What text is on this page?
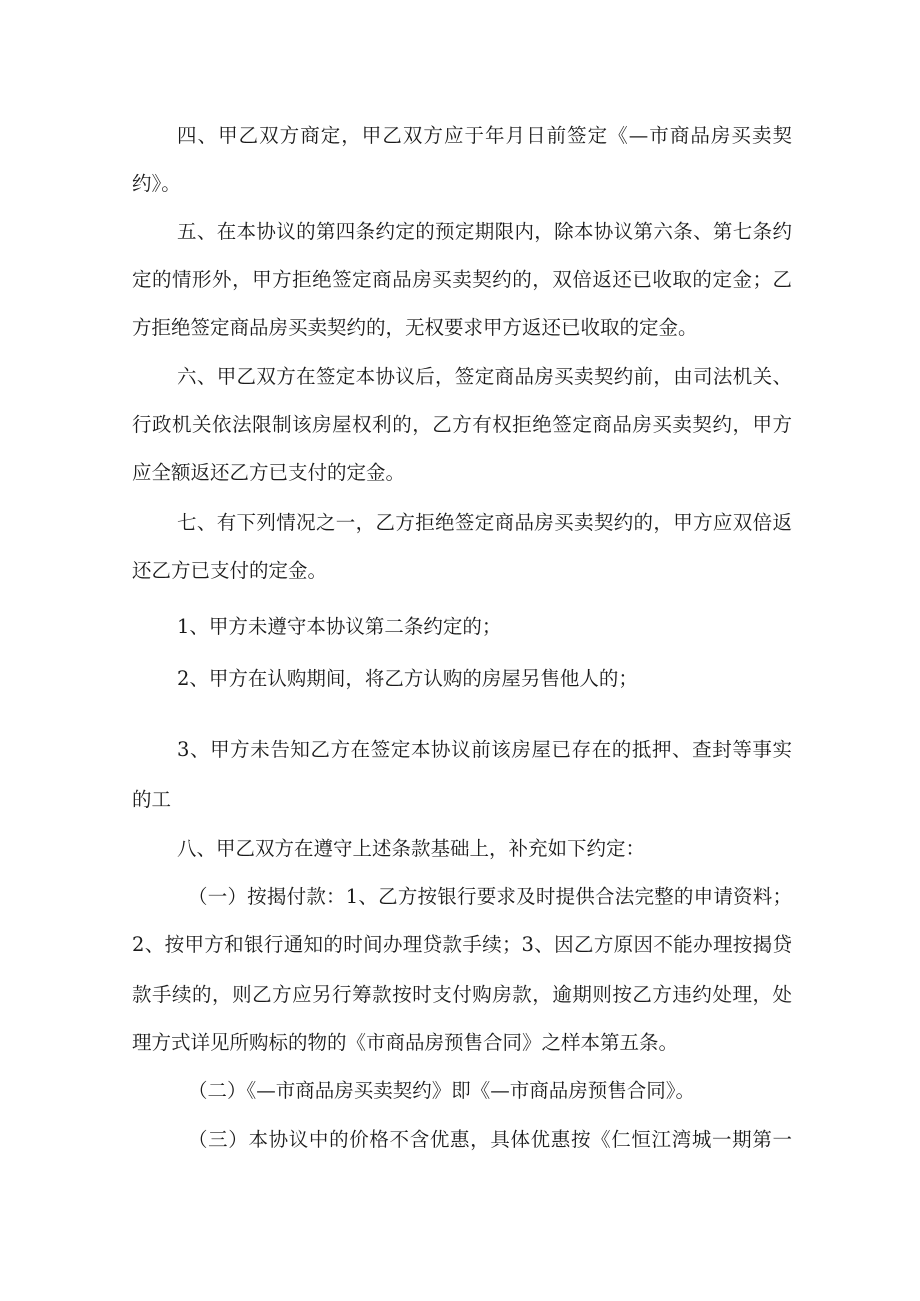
四、甲乙双方商定，甲乙双方应于年月日前签定《—市商品房买卖契
约》。
五、在本协议的第四条约定的预定期限内，除本协议第六条、第七条约
定的情形外，甲方拒绝签定商品房买卖契约的，双倍返还已收取的定金；乙
方拒绝签定商品房买卖契约的，无权要求甲方返还已收取的定金。
六、甲乙双方在签定本协议后，签定商品房买卖契约前，由司法机关、
行政机关依法限制该房屋权利的，乙方有权拒绝签定商品房买卖契约，甲方
应全额返还乙方已支付的定金。
七、有下列情况之一，乙方拒绝签定商品房买卖契约的，甲方应双倍返
还乙方已支付的定金。
1、甲方未遵守本协议第二条约定的；
2、甲方在认购期间，将乙方认购的房屋另售他人的；
3、甲方未告知乙方在签定本协议前该房屋已存在的抵押、查封等事实
的工
八、甲乙双方在遵守上述条款基础上，补充如下约定：
（一）按揭付款：1、乙方按银行要求及时提供合法完整的申请资料；
2、按甲方和银行通知的时间办理贷款手续；3、因乙方原因不能办理按揭贷
款手续的，则乙方应另行筹款按时支付购房款，逾期则按乙方违约处理，处
理方式详见所购标的物的《市商品房预售合同》之样本第五条。
（二）《—市商品房买卖契约》即《—市商品房预售合同》。
（三）本协议中的价格不含优惠，具体优惠按《仁恒江湾城一期第一
